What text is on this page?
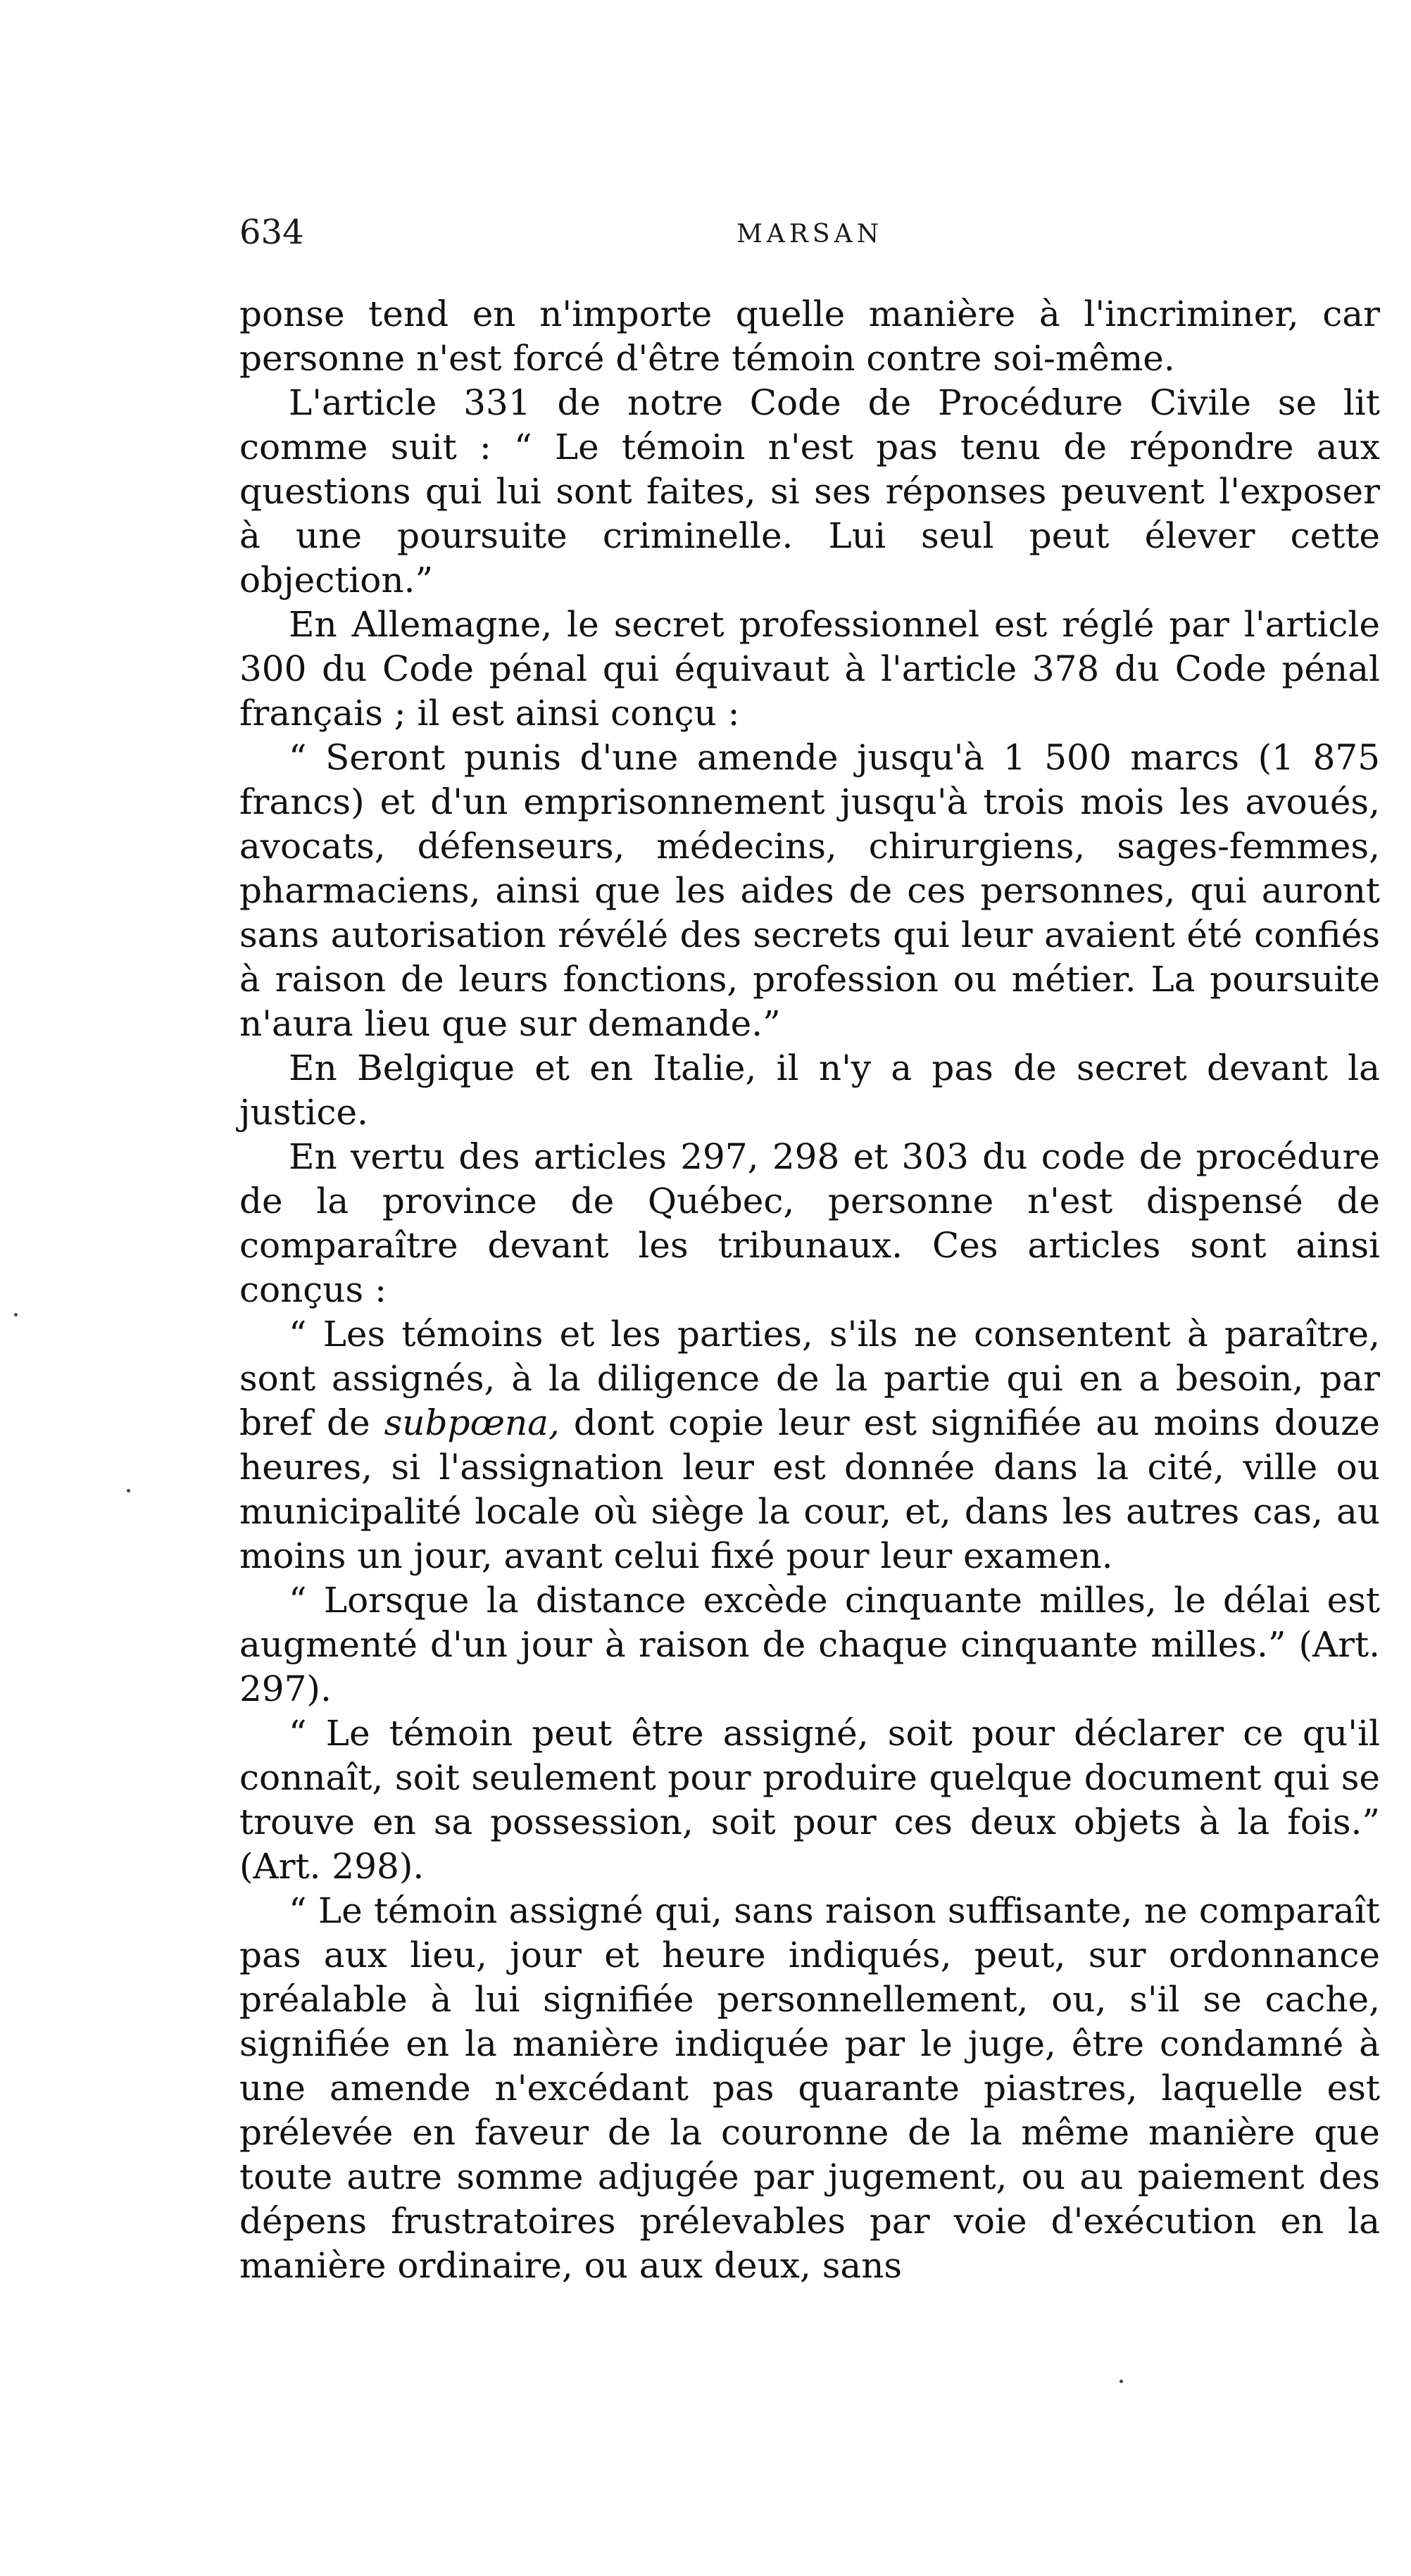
634	MARSAN

ponse tend en n'importe quelle manière à l'incriminer, car personne n'est forcé d'être témoin contre soi-même.

L'article 331 de notre Code de Procédure Civile se lit comme suit : “ Le témoin n'est pas tenu de répondre aux questions qui lui sont faites, si ses réponses peuvent l'exposer à une poursuite criminelle. Lui seul peut élever cette objection.”

En Allemagne, le secret professionnel est réglé par l'article 300 du Code pénal qui équivaut à l'article 378 du Code pénal français ; il est ainsi conçu :

“ Seront punis d'une amende jusqu'à 1 500 marcs (1 875 francs) et d'un emprisonnement jusqu'à trois mois les avoués, avocats, défenseurs, médecins, chirurgiens, sages-femmes, pharmaciens, ainsi que les aides de ces personnes, qui auront sans autorisation révélé des secrets qui leur avaient été confiés à raison de leurs fonctions, profession ou métier. La poursuite n'aura lieu que sur demande.”

En Belgique et en Italie, il n'y a pas de secret devant la justice.

En vertu des articles 297, 298 et 303 du code de procédure de la province de Québec, personne n'est dispensé de comparaître devant les tribunaux. Ces articles sont ainsi conçus :

“ Les témoins et les parties, s'ils ne consentent à paraître, sont assignés, à la diligence de la partie qui en a besoin, par bref de subpœna, dont copie leur est signifiée au moins douze heures, si l'assignation leur est donnée dans la cité, ville ou municipalité locale où siège la cour, et, dans les autres cas, au moins un jour, avant celui fixé pour leur examen.

“ Lorsque la distance excède cinquante milles, le délai est augmenté d'un jour à raison de chaque cinquante milles.” (Art. 297).

“ Le témoin peut être assigné, soit pour déclarer ce qu'il connaît, soit seulement pour produire quelque document qui se trouve en sa possession, soit pour ces deux objets à la fois.” (Art. 298).

“ Le témoin assigné qui, sans raison suffisante, ne comparaît pas aux lieu, jour et heure indiqués, peut, sur ordonnance préalable à lui signifiée personnellement, ou, s'il se cache, signifiée en la manière indiquée par le juge, être condamné à une amende n'excédant pas quarante piastres, laquelle est prélevée en faveur de la couronne de la même manière que toute autre somme adjugée par jugement, ou au paiement des dépens frustratoires prélevables par voie d'exécution en la manière ordinaire, ou aux deux, sans
